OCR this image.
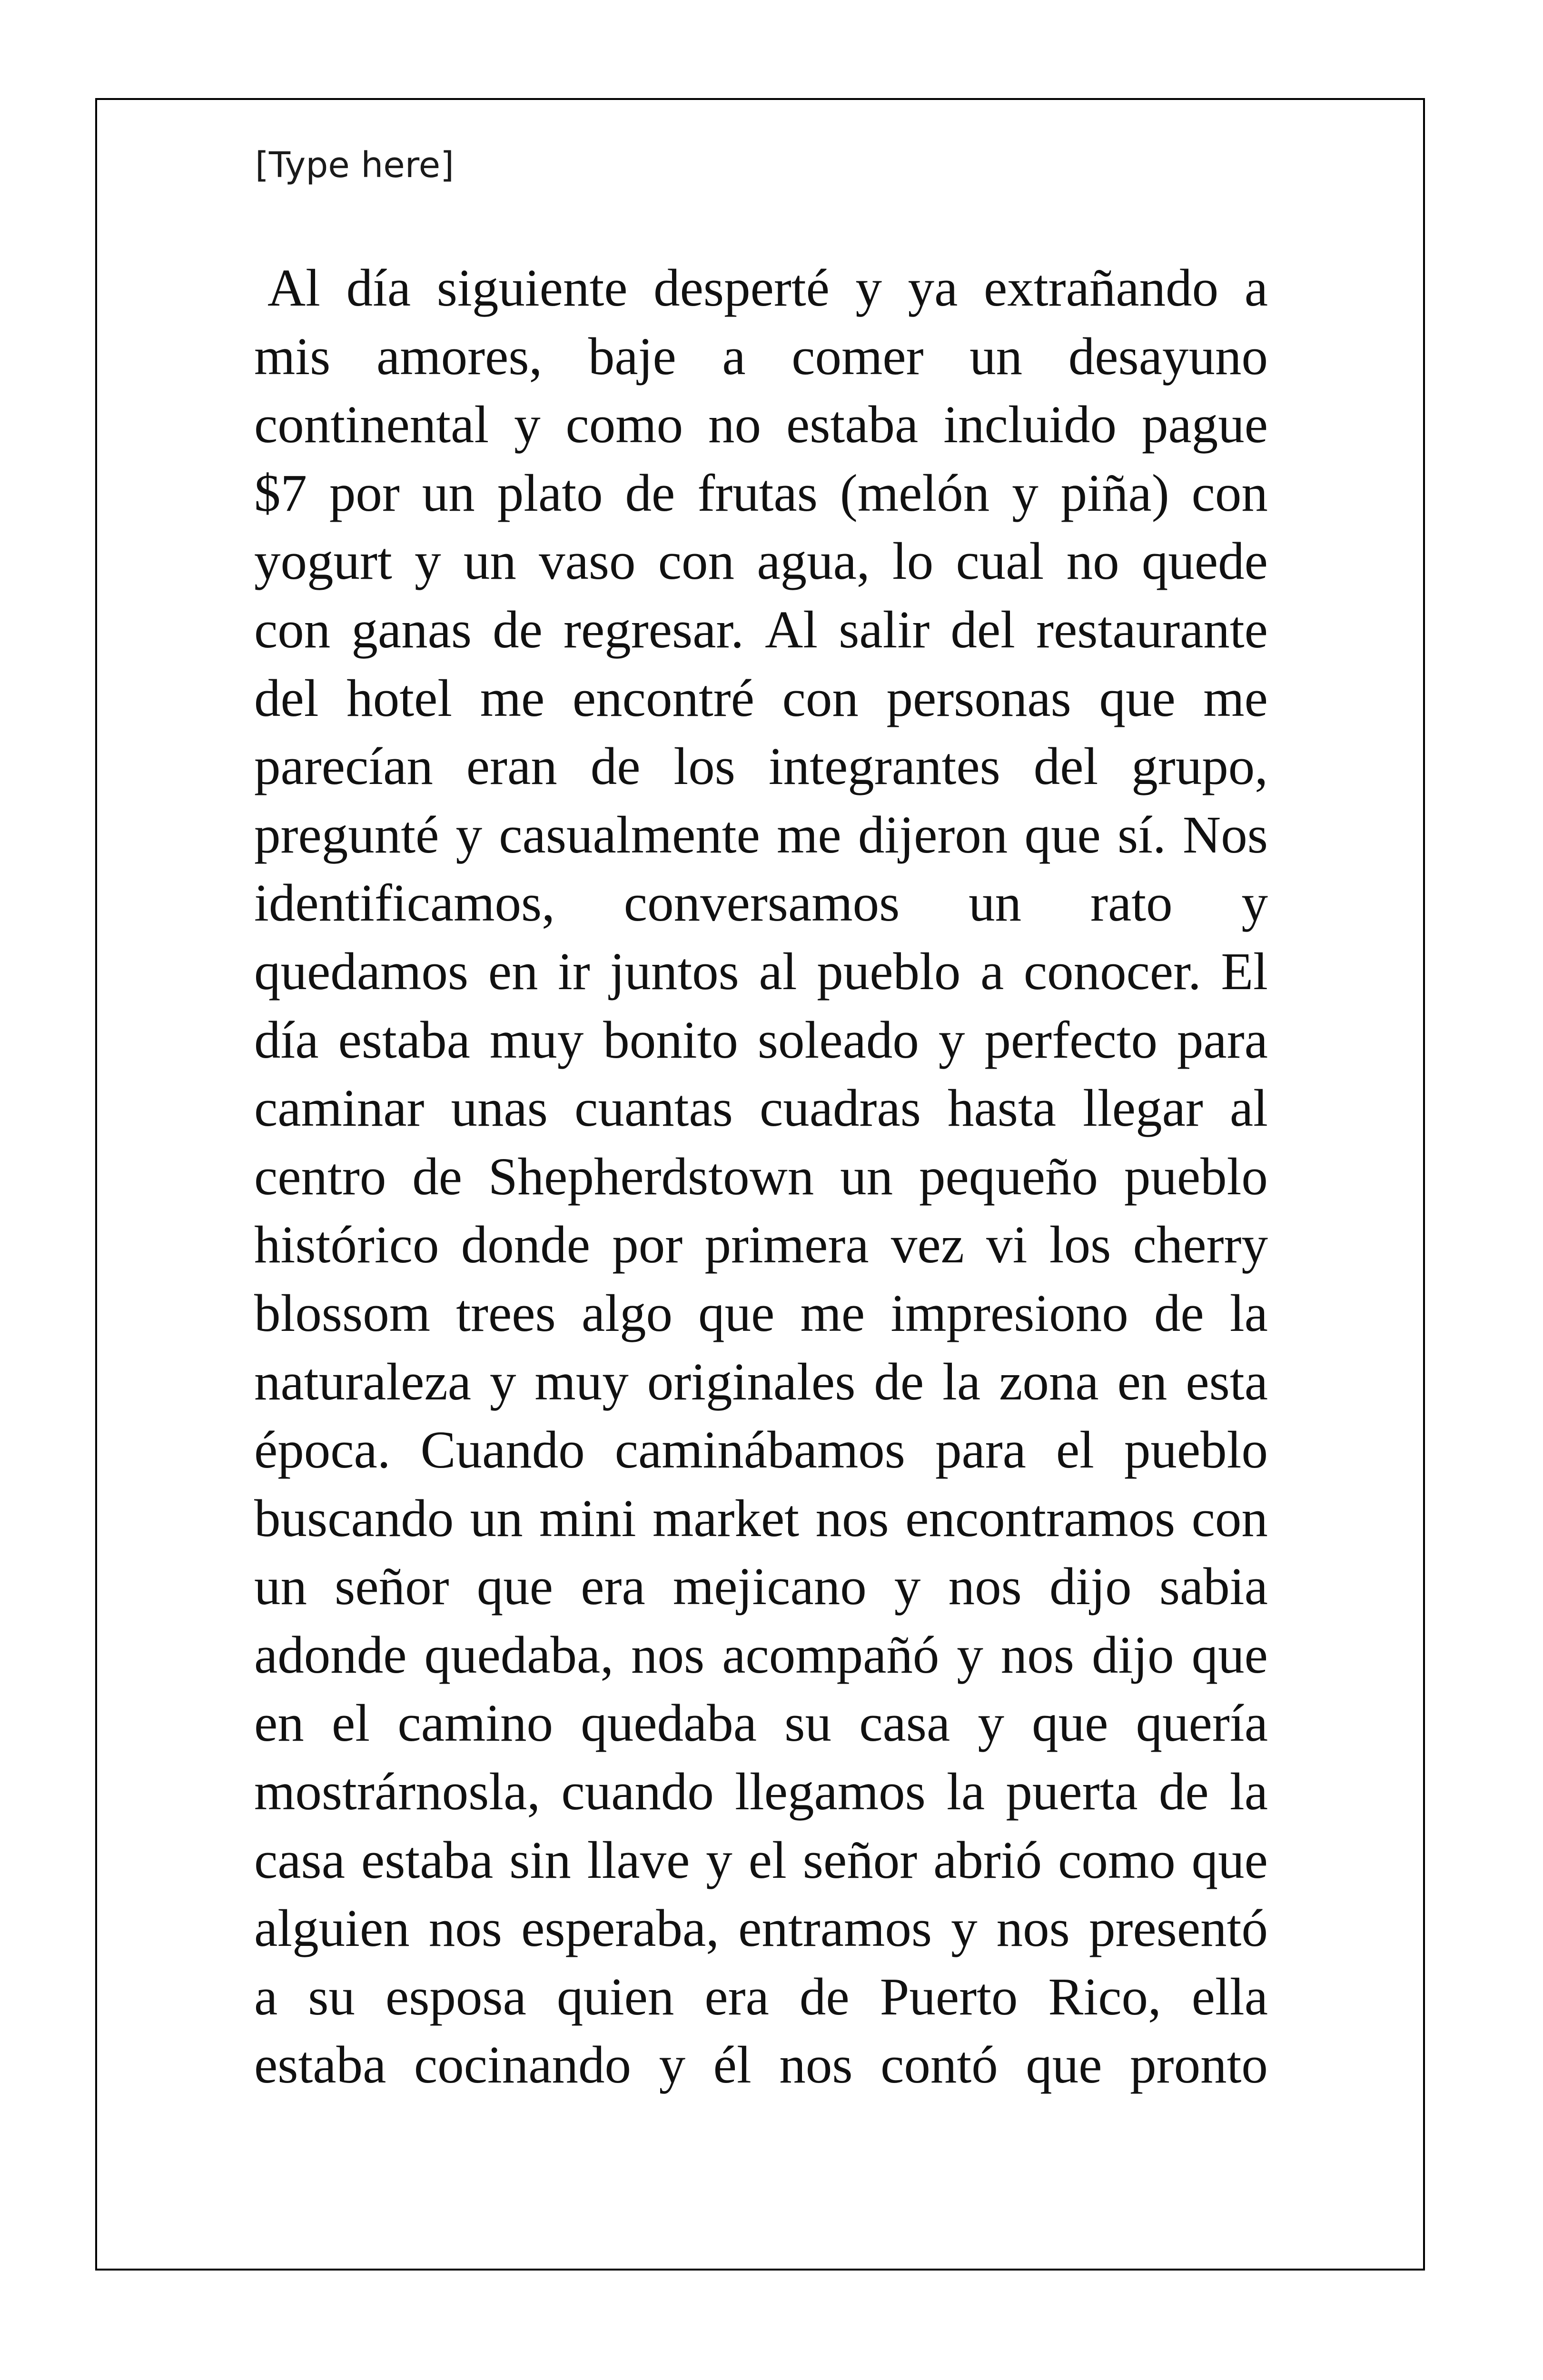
[Type here]
Al día siguiente desperté y ya extrañando a
mis amores, baje a comer un desayuno
continental y como no estaba incluido pague
$7 por un plato de frutas (melón y piña) con
yogurt y un vaso con agua, lo cual no quede
con ganas de regresar. Al salir del restaurante
del hotel me encontré con personas que me
parecían eran de los integrantes del grupo,
pregunté y casualmente me dijeron que sí. Nos
identificamos, conversamos un rato y
quedamos en ir juntos al pueblo a conocer. El
día estaba muy bonito soleado y perfecto para
caminar unas cuantas cuadras hasta llegar al
centro de Shepherdstown un pequeño pueblo
histórico donde por primera vez vi los cherry
blossom trees algo que me impresiono de la
naturaleza y muy originales de la zona en esta
época. Cuando caminábamos para el pueblo
buscando un mini market nos encontramos con
un señor que era mejicano y nos dijo sabia
adonde quedaba, nos acompañó y nos dijo que
en el camino quedaba su casa y que quería
mostrárnosla, cuando llegamos la puerta de la
casa estaba sin llave y el señor abrió como que
alguien nos esperaba, entramos y nos presentó
a su esposa quien era de Puerto Rico, ella
estaba cocinando y él nos contó que pronto
